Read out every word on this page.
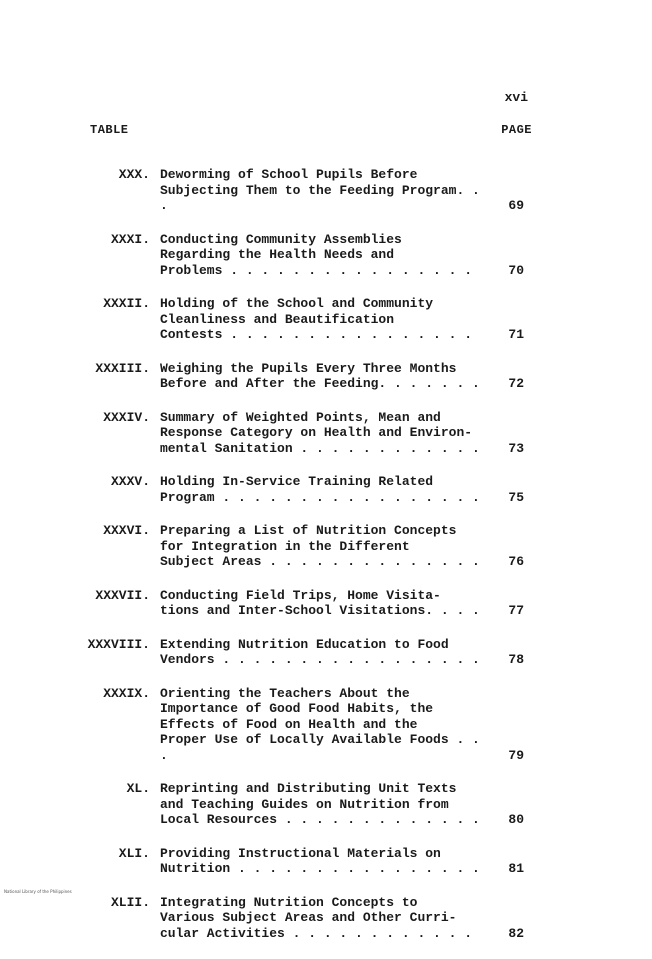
xvi
TABLE	PAGE
XXX. Deworming of School Pupils Before
Subjecting Them to the Feeding Program. . .	69
XXXI. Conducting Community Assemblies
Regarding the Health Needs and
Problems . . . . . . . . . . . . . . . .	70
XXXII. Holding of the School and Community
Cleanliness and Beautification
Contests . . . . . . . . . . . . . . . .	71
XXXIII. Weighing the Pupils Every Three Months
Before and After the Feeding. . . . . . .	72
XXXIV. Summary of Weighted Points, Mean and
Response Category on Health and Environ-
mental Sanitation . . . . . . . . . . . .	73
XXXV. Holding In-Service Training Related
Program . . . . . . . . . . . . . . . . .	75
XXXVI. Preparing a List of Nutrition Concepts
for Integration in the Different
Subject Areas . . . . . . . . . . . . . .	76
XXXVII. Conducting Field Trips, Home Visita-
tions and Inter-School Visitations. . . .	77
XXXVIII. Extending Nutrition Education to Food
Vendors . . . . . . . . . . . . . . . . .	78
XXXIX. Orienting the Teachers About the
Importance of Good Food Habits, the
Effects of Food on Health and the
Proper Use of Locally Available Foods . . .	79
XL. Reprinting and Distributing Unit Texts
and Teaching Guides on Nutrition from
Local Resources . . . . . . . . . . . . .	80
XLI. Providing Instructional Materials on
Nutrition . . . . . . . . . . . . . . . .	81
XLII. Integrating Nutrition Concepts to
Various Subject Areas and Other Curri-
cular Activities . . . . . . . . . . . .	82
National Library of the Philippines
